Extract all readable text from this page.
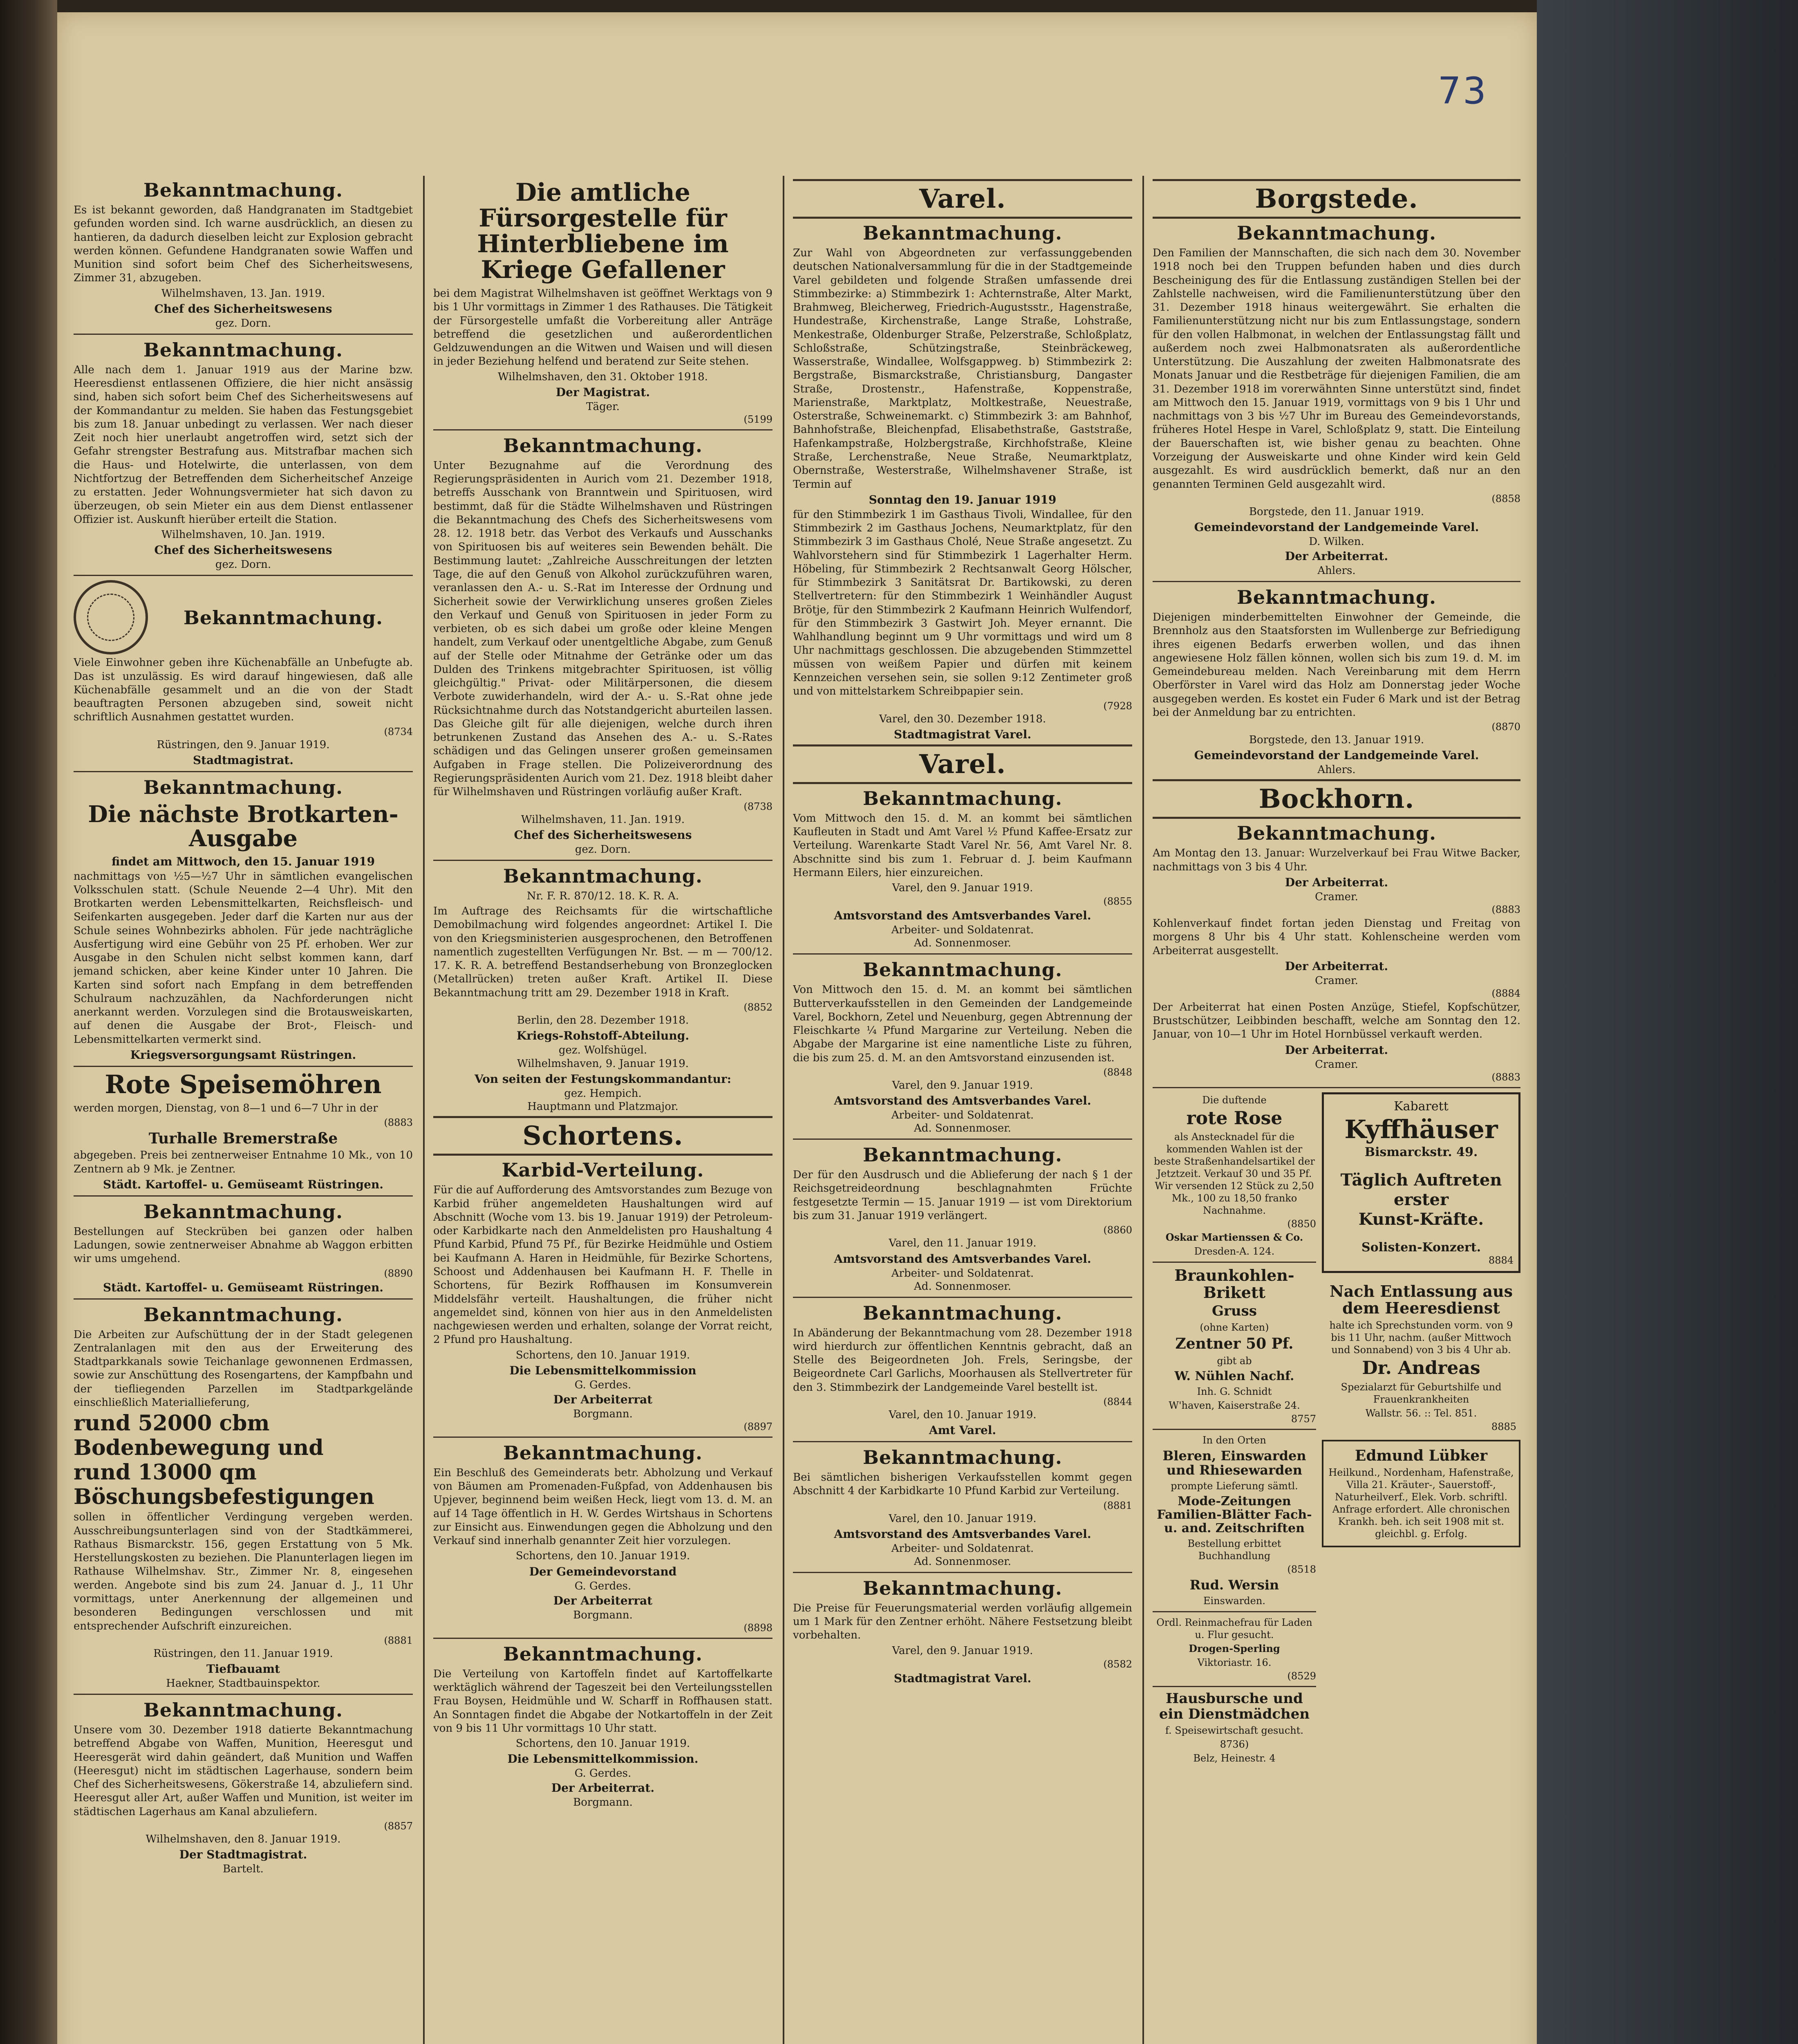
73
Bekanntmachung.

Es ist bekannt geworden, daß Handgranaten im Stadtgebiet gefunden worden sind. Ich warne ausdrücklich, an diesen zu hantieren, da dadurch dieselben leicht zur Explosion gebracht werden können. Gefundene Handgranaten sowie Waffen und Munition sind sofort beim Chef des Sicherheitswesens, Zimmer 31, abzugeben.

Wilhelmshaven, 13. Jan. 1919.

Chef des Sicherheitswesens
gez. Dorn.
Bekanntmachung.

Alle nach dem 1. Januar 1919 aus der Marine bzw. Heeresdienst entlassenen Offiziere, die hier nicht ansässig sind, haben sich sofort beim Chef des Sicherheitswesens auf der Kommandantur zu melden. Sie haben das Festungsgebiet bis zum 18. Januar unbedingt zu verlassen. Wer nach dieser Zeit noch hier unerlaubt angetroffen wird, setzt sich der Gefahr strengster Bestrafung aus. Mitstrafbar machen sich die Haus- und Hotelwirte, die unterlassen, von dem Nichtfortzug der Betreffenden dem Sicherheitschef Anzeige zu erstatten. Jeder Wohnungsvermieter hat sich davon zu überzeugen, ob sein Mieter ein aus dem Dienst entlassener Offizier ist. Auskunft hierüber erteilt die Station.

Wilhelmshaven, 10. Jan. 1919.

Chef des Sicherheitswesens
gez. Dorn.
Bekanntmachung.

Viele Einwohner geben ihre Küchenabfälle an Unbefugte ab. Das ist unzulässig. Es wird darauf hingewiesen, daß alle Küchenabfälle gesammelt und an die von der Stadt beauftragten Personen abzugeben sind, soweit nicht schriftlich Ausnahmen gestattet wurden.

(8734

Rüstringen, den 9. Januar 1919.

Stadtmagistrat.
Bekanntmachung.
Die nächste Brotkarten-Ausgabe
findet am Mittwoch, den 15. Januar 1919

nachmittags von ½5—½7 Uhr in sämtlichen evangelischen Volksschulen statt. (Schule Neuende 2—4 Uhr). Mit den Brotkarten werden Lebensmittelkarten, Reichsfleisch- und Seifenkarten ausgegeben. Jeder darf die Karten nur aus der Schule seines Wohnbezirks abholen. Für jede nachträgliche Ausfertigung wird eine Gebühr von 25 Pf. erhoben. Wer zur Ausgabe in den Schulen nicht selbst kommen kann, darf jemand schicken, aber keine Kinder unter 10 Jahren. Die Karten sind sofort nach Empfang in dem betreffenden Schulraum nachzuzählen, da Nachforderungen nicht anerkannt werden. Vorzulegen sind die Brotausweiskarten, auf denen die Ausgabe der Brot-, Fleisch- und Lebensmittelkarten vermerkt sind.

Kriegsversorgungsamt Rüstringen.
Rote Speisemöhren

werden morgen, Dienstag, von 8—1 und 6—7 Uhr in der

(8883
Turhalle Bremerstraße

abgegeben. Preis bei zentnerweiser Entnahme 10 Mk., von 10 Zentnern ab 9 Mk. je Zentner.

Städt. Kartoffel- u. Gemüseamt Rüstringen.
Bekanntmachung.

Bestellungen auf Steckrüben bei ganzen oder halben Ladungen, sowie zentnerweiser Abnahme ab Waggon erbitten wir ums umgehend.

(8890
Städt. Kartoffel- u. Gemüseamt Rüstringen.
Bekanntmachung.

Die Arbeiten zur Aufschüttung der in der Stadt gelegenen Zentralanlagen mit den aus der Erweiterung des Stadtparkkanals sowie Teichanlage gewonnenen Erdmassen, sowie zur Anschüttung des Rosengartens, der Kampfbahn und der tiefliegenden Parzellen im Stadtparkgelände einschließlich Materiallieferung,

rund 52000 cbm Bodenbewegung und
rund 13000 qm Böschungsbefestigungen

sollen in öffentlicher Verdingung vergeben werden. Ausschreibungsunterlagen sind von der Stadtkämmerei, Rathaus Bismarckstr. 156, gegen Erstattung von 5 Mk. Herstellungskosten zu beziehen. Die Planunterlagen liegen im Rathause Wilhelmshav. Str., Zimmer Nr. 8, eingesehen werden. Angebote sind bis zum 24. Januar d. J., 11 Uhr vormittags, unter Anerkennung der allgemeinen und besonderen Bedingungen verschlossen und mit entsprechender Aufschrift einzureichen.

(8881

Rüstringen, den 11. Januar 1919.

Tiefbauamt
Haekner, Stadtbauinspektor.
Bekanntmachung.

Unsere vom 30. Dezember 1918 datierte Bekanntmachung betreffend Abgabe von Waffen, Munition, Heeresgut und Heeresgerät wird dahin geändert, daß Munition und Waffen (Heeresgut) nicht im städtischen Lagerhause, sondern beim Chef des Sicherheitswesens, Gökerstraße 14, abzuliefern sind. Heeresgut aller Art, außer Waffen und Munition, ist weiter im städtischen Lagerhaus am Kanal abzuliefern.

(8857

Wilhelmshaven, den 8. Januar 1919.

Der Stadtmagistrat.
Bartelt.
Die amtliche Fürsorgestelle für Hinterbliebene im Kriege Gefallener

bei dem Magistrat Wilhelmshaven ist geöffnet Werktags von 9 bis 1 Uhr vormittags in Zimmer 1 des Rathauses. Die Tätigkeit der Fürsorgestelle umfaßt die Vorbereitung aller Anträge betreffend die gesetzlichen und außerordentlichen Geldzuwendungen an die Witwen und Waisen und will diesen in jeder Beziehung helfend und beratend zur Seite stehen.

Wilhelmshaven, den 31. Oktober 1918.

Der Magistrat.
Täger.
(5199
Bekanntmachung.

Unter Bezugnahme auf die Verordnung des Regierungspräsidenten in Aurich vom 21. Dezember 1918, betreffs Ausschank von Branntwein und Spirituosen, wird bestimmt, daß für die Städte Wilhelmshaven und Rüstringen die Bekanntmachung des Chefs des Sicherheitswesens vom 28. 12. 1918 betr. das Verbot des Verkaufs und Ausschanks von Spirituosen bis auf weiteres sein Bewenden behält. Die Bestimmung lautet: „Zahlreiche Ausschreitungen der letzten Tage, die auf den Genuß von Alkohol zurückzuführen waren, veranlassen den A.- u. S.-Rat im Interesse der Ordnung und Sicherheit sowie der Verwirklichung unseres großen Zieles den Verkauf und Genuß von Spirituosen in jeder Form zu verbieten, ob es sich dabei um große oder kleine Mengen handelt, zum Verkauf oder unentgeltliche Abgabe, zum Genuß auf der Stelle oder Mitnahme der Getränke oder um das Dulden des Trinkens mitgebrachter Spirituosen, ist völlig gleichgültig." Privat- oder Militärpersonen, die diesem Verbote zuwiderhandeln, wird der A.- u. S.-Rat ohne jede Rücksichtnahme durch das Notstandgericht aburteilen lassen. Das Gleiche gilt für alle diejenigen, welche durch ihren betrunkenen Zustand das Ansehen des A.- u. S.-Rates schädigen und das Gelingen unserer großen gemeinsamen Aufgaben in Frage stellen. Die Polizeiverordnung des Regierungspräsidenten Aurich vom 21. Dez. 1918 bleibt daher für Wilhelmshaven und Rüstringen vorläufig außer Kraft.

(8738

Wilhelmshaven, 11. Jan. 1919.

Chef des Sicherheitswesens
gez. Dorn.
Bekanntmachung.

Nr. F. R. 870/12. 18. K. R. A.

Im Auftrage des Reichsamts für die wirtschaftliche Demobilmachung wird folgendes angeordnet: Artikel I. Die von den Kriegsministerien ausgesprochenen, den Betroffenen namentlich zugestellten Verfügungen Nr. Bst. — m — 700/12. 17. K. R. A. betreffend Bestandserhebung von Bronzeglocken (Metallrücken) treten außer Kraft. Artikel II. Diese Bekanntmachung tritt am 29. Dezember 1918 in Kraft.

(8852

Berlin, den 28. Dezember 1918.

Kriegs-Rohstoff-Abteilung.
gez. Wolfshügel.

Wilhelmshaven, 9. Januar 1919.

Von seiten der Festungskommandantur:
gez. Hempich.
Hauptmann und Platzmajor.
Schortens.
Karbid-Verteilung.

Für die auf Aufforderung des Amtsvorstandes zum Bezuge von Karbid früher angemeldeten Haushaltungen wird auf Abschnitt (Woche vom 13. bis 19. Januar 1919) der Petroleum- oder Karbidkarte nach den Anmeldelisten pro Haushaltung 4 Pfund Karbid, Pfund 75 Pf., für Bezirke Heidmühle und Ostiem bei Kaufmann A. Haren in Heidmühle, für Bezirke Schortens, Schoost und Addenhausen bei Kaufmann H. F. Thelle in Schortens, für Bezirk Roffhausen im Konsumverein Middelsfähr verteilt. Haushaltungen, die früher nicht angemeldet sind, können von hier aus in den Anmeldelisten nachgewiesen werden und erhalten, solange der Vorrat reicht, 2 Pfund pro Haushaltung.

Schortens, den 10. Januar 1919.

Die Lebensmittelkommission
G. Gerdes.
Der Arbeiterrat
Borgmann.
(8897
Bekanntmachung.

Ein Beschluß des Gemeinderats betr. Abholzung und Verkauf von Bäumen am Promenaden-Fußpfad, von Addenhausen bis Upjever, beginnend beim weißen Heck, liegt vom 13. d. M. an auf 14 Tage öffentlich in H. W. Gerdes Wirtshaus in Schortens zur Einsicht aus. Einwendungen gegen die Abholzung und den Verkauf sind innerhalb genannter Zeit hier vorzulegen.

Schortens, den 10. Januar 1919.

Der Gemeindevorstand
G. Gerdes.
Der Arbeiterrat
Borgmann.
(8898
Bekanntmachung.

Die Verteilung von Kartoffeln findet auf Kartoffelkarte werktäglich während der Tageszeit bei den Verteilungsstellen Frau Boysen, Heidmühle und W. Scharff in Roffhausen statt. An Sonntagen findet die Abgabe der Notkartoffeln in der Zeit von 9 bis 11 Uhr vormittags 10 Uhr statt.

Schortens, den 10. Januar 1919.

Die Lebensmittelkommission.
G. Gerdes.
Der Arbeiterrat.
Borgmann.
Varel.
Bekanntmachung.

Zur Wahl von Abgeordneten zur verfassunggebenden deutschen Nationalversammlung für die in der Stadtgemeinde Varel gebildeten und folgende Straßen umfassende drei Stimmbezirke: a) Stimmbezirk 1: Achternstraße, Alter Markt, Brahmweg, Bleicherweg, Friedrich-Augustsstr., Hagenstraße, Hundestraße, Kirchenstraße, Lange Straße, Lohstraße, Menkestraße, Oldenburger Straße, Pelzerstraße, Schloßplatz, Schloßstraße, Schützingstraße, Steinbräckeweg, Wasserstraße, Windallee, Wolfsgappweg. b) Stimmbezirk 2: Bergstraße, Bismarckstraße, Christiansburg, Dangaster Straße, Drostenstr., Hafenstraße, Koppenstraße, Marienstraße, Marktplatz, Moltkestraße, Neuestraße, Osterstraße, Schweinemarkt. c) Stimmbezirk 3: am Bahnhof, Bahnhofstraße, Bleichenpfad, Elisabethstraße, Gaststraße, Hafenkampstraße, Holzbergstraße, Kirchhofstraße, Kleine Straße, Lerchenstraße, Neue Straße, Neumarktplatz, Obernstraße, Westerstraße, Wilhelmshavener Straße, ist Termin auf

Sonntag den 19. Januar 1919

für den Stimmbezirk 1 im Gasthaus Tivoli, Windallee, für den Stimmbezirk 2 im Gasthaus Jochens, Neumarktplatz, für den Stimmbezirk 3 im Gasthaus Cholé, Neue Straße angesetzt. Zu Wahlvorstehern sind für Stimmbezirk 1 Lagerhalter Herm. Höbeling, für Stimmbezirk 2 Rechtsanwalt Georg Hölscher, für Stimmbezirk 3 Sanitätsrat Dr. Bartikowski, zu deren Stellvertretern: für den Stimmbezirk 1 Weinhändler August Brötje, für den Stimmbezirk 2 Kaufmann Heinrich Wulfendorf, für den Stimmbezirk 3 Gastwirt Joh. Meyer ernannt. Die Wahlhandlung beginnt um 9 Uhr vormittags und wird um 8 Uhr nachmittags geschlossen. Die abzugebenden Stimmzettel müssen von weißem Papier und dürfen mit keinem Kennzeichen versehen sein, sie sollen 9:12 Zentimeter groß und von mittelstarkem Schreibpapier sein.

(7928

Varel, den 30. Dezember 1918.

Stadtmagistrat Varel.
Varel.
Bekanntmachung.

Vom Mittwoch den 15. d. M. an kommt bei sämtlichen Kaufleuten in Stadt und Amt Varel ½ Pfund Kaffee-Ersatz zur Verteilung. Warenkarte Stadt Varel Nr. 56, Amt Varel Nr. 8. Abschnitte sind bis zum 1. Februar d. J. beim Kaufmann Hermann Eilers, hier einzureichen.

Varel, den 9. Januar 1919.

(8855
Amtsvorstand des Amtsverbandes Varel.
Arbeiter- und Soldatenrat.
Ad. Sonnenmoser.
Bekanntmachung.

Von Mittwoch den 15. d. M. an kommt bei sämtlichen Butterverkaufsstellen in den Gemeinden der Landgemeinde Varel, Bockhorn, Zetel und Neuenburg, gegen Abtrennung der Fleischkarte ¼ Pfund Margarine zur Verteilung. Neben die Abgabe der Margarine ist eine namentliche Liste zu führen, die bis zum 25. d. M. an den Amtsvorstand einzusenden ist.

(8848

Varel, den 9. Januar 1919.

Amtsvorstand des Amtsverbandes Varel.
Arbeiter- und Soldatenrat.
Ad. Sonnenmoser.
Bekanntmachung.

Der für den Ausdrusch und die Ablieferung der nach § 1 der Reichsgetreideordnung beschlagnahmten Früchte festgesetzte Termin — 15. Januar 1919 — ist vom Direktorium bis zum 31. Januar 1919 verlängert.

(8860

Varel, den 11. Januar 1919.

Amtsvorstand des Amtsverbandes Varel.
Arbeiter- und Soldatenrat.
Ad. Sonnenmoser.
Bekanntmachung.

In Abänderung der Bekanntmachung vom 28. Dezember 1918 wird hierdurch zur öffentlichen Kenntnis gebracht, daß an Stelle des Beigeordneten Joh. Frels, Seringsbe, der Beigeordnete Carl Garlichs, Moorhausen als Stellvertreter für den 3. Stimmbezirk der Landgemeinde Varel bestellt ist.

(8844

Varel, den 10. Januar 1919.

Amt Varel.
Bekanntmachung.

Bei sämtlichen bisherigen Verkaufsstellen kommt gegen Abschnitt 4 der Karbidkarte 10 Pfund Karbid zur Verteilung.

(8881

Varel, den 10. Januar 1919.

Amtsvorstand des Amtsverbandes Varel.
Arbeiter- und Soldatenrat.
Ad. Sonnenmoser.
Bekanntmachung.

Die Preise für Feuerungsmaterial werden vorläufig allgemein um 1 Mark für den Zentner erhöht. Nähere Festsetzung bleibt vorbehalten.

Varel, den 9. Januar 1919.

(8582
Stadtmagistrat Varel.
Borgstede.
Bekanntmachung.

Den Familien der Mannschaften, die sich nach dem 30. November 1918 noch bei den Truppen befunden haben und dies durch Bescheinigung des für die Entlassung zuständigen Stellen bei der Zahlstelle nachweisen, wird die Familienunterstützung über den 31. Dezember 1918 hinaus weitergewährt. Sie erhalten die Familienunterstützung nicht nur bis zum Entlassungstage, sondern für den vollen Halbmonat, in welchen der Entlassungstag fällt und außerdem noch zwei Halbmonatsraten als außerordentliche Unterstützung. Die Auszahlung der zweiten Halbmonatsrate des Monats Januar und die Restbeträge für diejenigen Familien, die am 31. Dezember 1918 im vorerwähnten Sinne unterstützt sind, findet am Mittwoch den 15. Januar 1919, vormittags von 9 bis 1 Uhr und nachmittags von 3 bis ½7 Uhr im Bureau des Gemeindevorstands, früheres Hotel Hespe in Varel, Schloßplatz 9, statt. Die Einteilung der Bauerschaften ist, wie bisher genau zu beachten. Ohne Vorzeigung der Ausweiskarte und ohne Kinder wird kein Geld ausgezahlt. Es wird ausdrücklich bemerkt, daß nur an den genannten Terminen Geld ausgezahlt wird.

(8858

Borgstede, den 11. Januar 1919.

Gemeindevorstand der Landgemeinde Varel.
D. Wilken.
Der Arbeiterrat.
Ahlers.
Bekanntmachung.

Diejenigen minderbemittelten Einwohner der Gemeinde, die Brennholz aus den Staatsforsten im Wullenberge zur Befriedigung ihres eigenen Bedarfs erwerben wollen, und das ihnen angewiesene Holz fällen können, wollen sich bis zum 19. d. M. im Gemeindebureau melden. Nach Vereinbarung mit dem Herrn Oberförster in Varel wird das Holz am Donnerstag jeder Woche ausgegeben werden. Es kostet ein Fuder 6 Mark und ist der Betrag bei der Anmeldung bar zu entrichten.

(8870

Borgstede, den 13. Januar 1919.

Gemeindevorstand der Landgemeinde Varel.
Ahlers.
Bockhorn.
Bekanntmachung.

Am Montag den 13. Januar: Wurzelverkauf bei Frau Witwe Backer, nachmittags von 3 bis 4 Uhr.

Der Arbeiterrat.
Cramer.
(8883

Kohlenverkauf findet fortan jeden Dienstag und Freitag von morgens 8 Uhr bis 4 Uhr statt. Kohlenscheine werden vom Arbeiterrat ausgestellt.

Der Arbeiterrat.
Cramer.
(8884

Der Arbeiterrat hat einen Posten Anzüge, Stiefel, Kopfschützer, Brustschützer, Leibbinden beschafft, welche am Sonntag den 12. Januar, von 10—1 Uhr im Hotel Hornbüssel verkauft werden.

Der Arbeiterrat.
Cramer.
(8883
Die duftende
rote Rose
als Anstecknadel für die kommenden Wahlen ist der beste Straßenhandelsartikel der Jetztzeit. Verkauf 30 und 35 Pf. Wir versenden 12 Stück zu 2,50 Mk., 100 zu 18,50 franko Nachnahme.
(8850
Oskar Martienssen & Co.
Dresden-A. 124.
Braunkohlen-Brikett
Gruss
(ohne Karten)
Zentner 50 Pf.
gibt ab
W. Nühlen Nachf.
Inh. G. Schnidt
W'haven, Kaiserstraße 24.
8757
In den Orten
Bleren, Einswarden und Rhiesewarden
prompte Lieferung sämtl.
Mode-Zeitungen Familien-Blätter Fach- u. and. Zeitschriften
Bestellung erbittet Buchhandlung
(8518
Rud. Wersin
Einswarden.
Ordl. Reinmachefrau für Laden u. Flur gesucht.
Drogen-Sperling
Viktoriastr. 16.
(8529
Hausbursche und ein Dienstmädchen
f. Speisewirtschaft gesucht.
8736)
Belz, Heinestr. 4
Kabarett
Kyffhäuser
Bismarckstr. 49.
Täglich Auftreten
erster
Kunst-Kräfte.
Solisten-Konzert.
8884
Nach Entlassung aus dem Heeresdienst
halte ich Sprechstunden vorm. von 9 bis 11 Uhr, nachm. (außer Mittwoch und Sonnabend) von 3 bis 4 Uhr ab.
Dr. Andreas
Spezialarzt für Geburtshilfe und Frauenkrankheiten
Wallstr. 56. :: Tel. 851.
8885
Edmund Lübker
Heilkund., Nordenham, Hafenstraße, Villa 21. Kräuter-, Sauerstoff-, Naturheilverf., Elek. Vorb. schriftl. Anfrage erfordert. Alle chronischen Krankh. beh. ich seit 1908 mit st. gleichbl. g. Erfolg.
